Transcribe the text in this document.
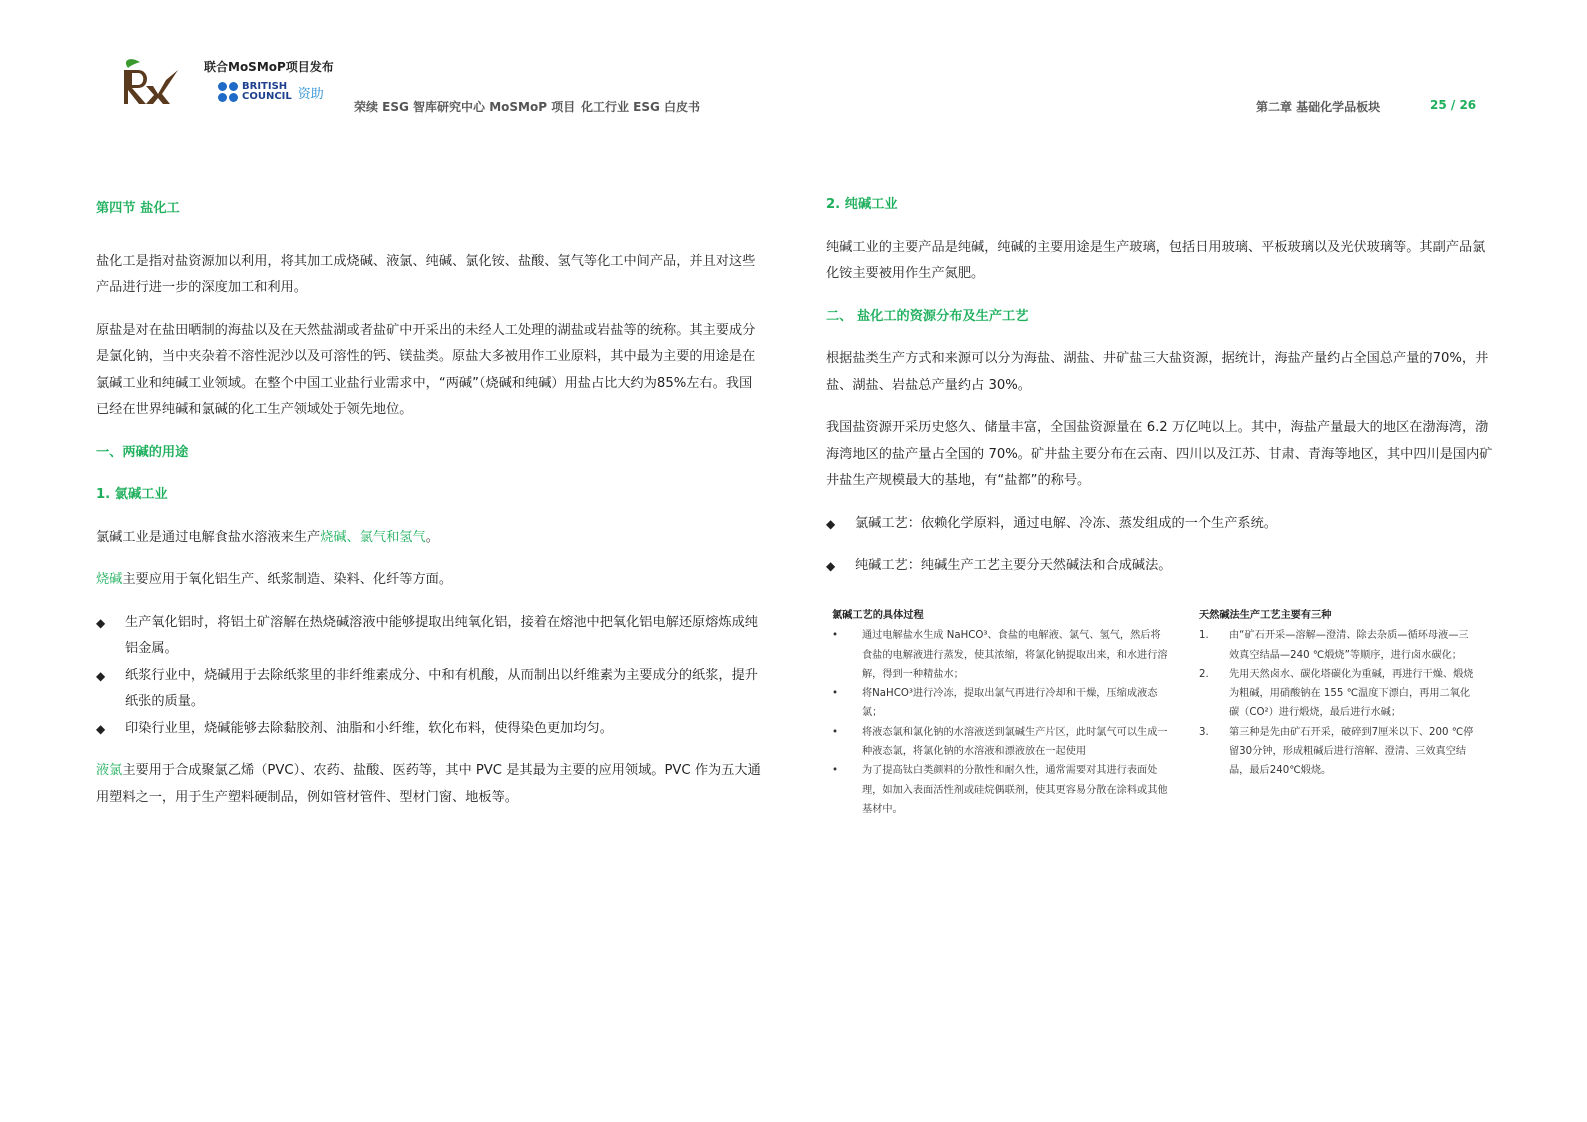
联合MoSMoP项目发布
BRITISH
COUNCIL 资助
荣续 ESG 智库研究中心 MoSMoP 项目 化工行业 ESG 白皮书	第二章 基础化学品板块	25 / 26

第四节 盐化工

盐化工是指对盐资源加以利用，将其加工成烧碱、液氯、纯碱、氯化铵、盐酸、氢气等化工中间产品，并且对这些产品进行进一步的深度加工和利用。

原盐是对在盐田晒制的海盐以及在天然盐湖或者盐矿中开采出的未经人工处理的湖盐或岩盐等的统称。其主要成分是氯化钠，当中夹杂着不溶性泥沙以及可溶性的钙、镁盐类。原盐大多被用作工业原料，其中最为主要的用途是在氯碱工业和纯碱工业领域。在整个中国工业盐行业需求中，“两碱”（烧碱和纯碱）用盐占比大约为85%左右。我国已经在世界纯碱和氯碱的化工生产领域处于领先地位。

一、两碱的用途

1. 氯碱工业

氯碱工业是通过电解食盐水溶液来生产烧碱、氯气和氢气。

烧碱主要应用于氧化铝生产、纸浆制造、染料、化纤等方面。

◆ 生产氧化铝时，将铝土矿溶解在热烧碱溶液中能够提取出纯氧化铝，接着在熔池中把氧化铝电解还原熔炼成纯铝金属。
◆ 纸浆行业中，烧碱用于去除纸浆里的非纤维素成分、中和有机酸，从而制出以纤维素为主要成分的纸浆，提升纸张的质量。
◆ 印染行业里，烧碱能够去除黏胶剂、油脂和小纤维，软化布料，使得染色更加均匀。

液氯主要用于合成聚氯乙烯（PVC）、农药、盐酸、医药等，其中 PVC 是其最为主要的应用领域。PVC 作为五大通用塑料之一，用于生产塑料硬制品，例如管材管件、型材门窗、地板等。

2. 纯碱工业

纯碱工业的主要产品是纯碱，纯碱的主要用途是生产玻璃，包括日用玻璃、平板玻璃以及光伏玻璃等。其副产品氯化铵主要被用作生产氮肥。

二、 盐化工的资源分布及生产工艺

根据盐类生产方式和来源可以分为海盐、湖盐、井矿盐三大盐资源，据统计，海盐产量约占全国总产量的70%，井盐、湖盐、岩盐总产量约占 30%。

我国盐资源开采历史悠久、储量丰富，全国盐资源量在 6.2 万亿吨以上。其中，海盐产量最大的地区在渤海湾，渤海湾地区的盐产量占全国的 70%。矿井盐主要分布在云南、四川以及江苏、甘肃、青海等地区，其中四川是国内矿井盐生产规模最大的基地，有“盐都”的称号。

◆ 氯碱工艺：依赖化学原料，通过电解、冷冻、蒸发组成的一个生产系统。
◆ 纯碱工艺：纯碱生产工艺主要分天然碱法和合成碱法。
氯碱工艺的具体过程
• 通过电解盐水生成 NaHCO³、食盐的电解液、氯气、氢气，然后将食盐的电解液进行蒸发，使其浓缩，将氯化钠提取出来，和水进行溶解，得到一种精盐水；
• 将NaHCO³进行冷冻，提取出氯气再进行冷却和干燥，压缩成液态氯；
• 将液态氯和氯化钠的水溶液送到氯碱生产片区，此时氯气可以生成一种液态氯，将氯化钠的水溶液和漂液放在一起使用
• 为了提高钛白类颜料的分散性和耐久性，通常需要对其进行表面处理，如加入表面活性剂或硅烷偶联剂，使其更容易分散在涂料或其他基材中。
天然碱法生产工艺主要有三种
1. 由“矿石开采—溶解—澄清、除去杂质—循环母液—三效真空结晶—240 ℃煅烧”等顺序，进行卤水碳化；
2. 先用天然卤水、碳化塔碳化为重碱，再进行干燥、煅烧为粗碱，用硝酸钠在 155 ℃温度下漂白，再用二氧化碳（CO²）进行煅烧，最后进行水碱；
3. 第三种是先由矿石开采，破碎到7厘米以下、200 ℃停留30分钟，形成粗碱后进行溶解、澄清、三效真空结晶，最后240℃煅烧。
